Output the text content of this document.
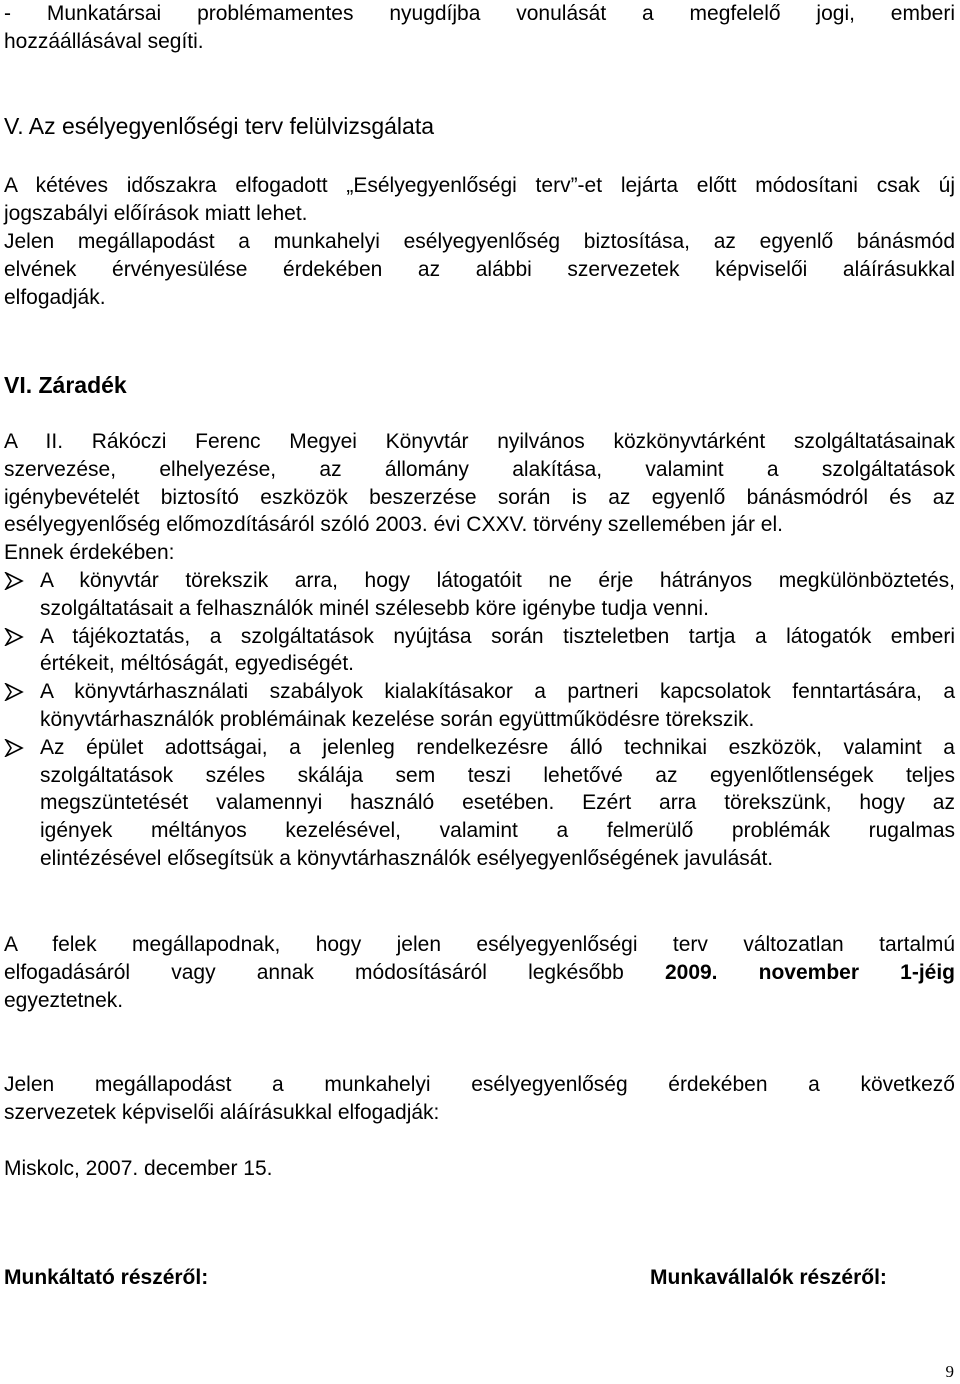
- Munkatársai problémamentes nyugdíjba vonulását a megfelelő jogi, emberi
hozzáállásával segíti.
V. Az esélyegyenlőségi terv felülvizsgálata
A kétéves időszakra elfogadott „Esélyegyenlőségi terv”-et lejárta előtt módosítani csak új
jogszabályi előírások miatt lehet.
Jelen megállapodást a munkahelyi esélyegyenlőség biztosítása, az egyenlő bánásmód
elvének érvényesülése érdekében az alábbi szervezetek képviselői aláírásukkal
elfogadják.
VI. Záradék
A II. Rákóczi Ferenc Megyei Könyvtár nyilvános közkönyvtárként szolgáltatásainak
szervezése, elhelyezése, az állomány alakítása, valamint a szolgáltatások
igénybevételét biztosító eszközök beszerzése során is az egyenlő bánásmódról és az
esélyegyenlőség előmozdításáról szóló 2003. évi CXXV. törvény szellemében jár el.
Ennek érdekében:
A könyvtár törekszik arra, hogy látogatóit ne érje hátrányos megkülönböztetés,
szolgáltatásait a felhasználók minél szélesebb köre igénybe tudja venni.
A tájékoztatás, a szolgáltatások nyújtása során tiszteletben tartja a látogatók emberi
értékeit, méltóságát, egyediségét.
A könyvtárhasználati szabályok kialakításakor a partneri kapcsolatok fenntartására, a
könyvtárhasználók problémáinak kezelése során együttműködésre törekszik.
Az épület adottságai, a jelenleg rendelkezésre álló technikai eszközök, valamint a
szolgáltatások széles skálája sem teszi lehetővé az egyenlőtlenségek teljes
megszüntetését valamennyi használó esetében. Ezért arra törekszünk, hogy az
igények méltányos kezelésével, valamint a felmerülő problémák rugalmas
elintézésével elősegítsük a könyvtárhasználók esélyegyenlőségének javulását.
A felek megállapodnak, hogy jelen esélyegyenlőségi terv változatlan tartalmú
elfogadásáról vagy annak módosításáról legkésőbb 2009. november 1-jéig
egyeztetnek.
Jelen megállapodást a munkahelyi esélyegyenlőség érdekében a következő
szervezetek képviselői aláírásukkal elfogadják:
Miskolc, 2007. december 15.
Munkáltató részéről:	Munkavállalók részéről:
9
